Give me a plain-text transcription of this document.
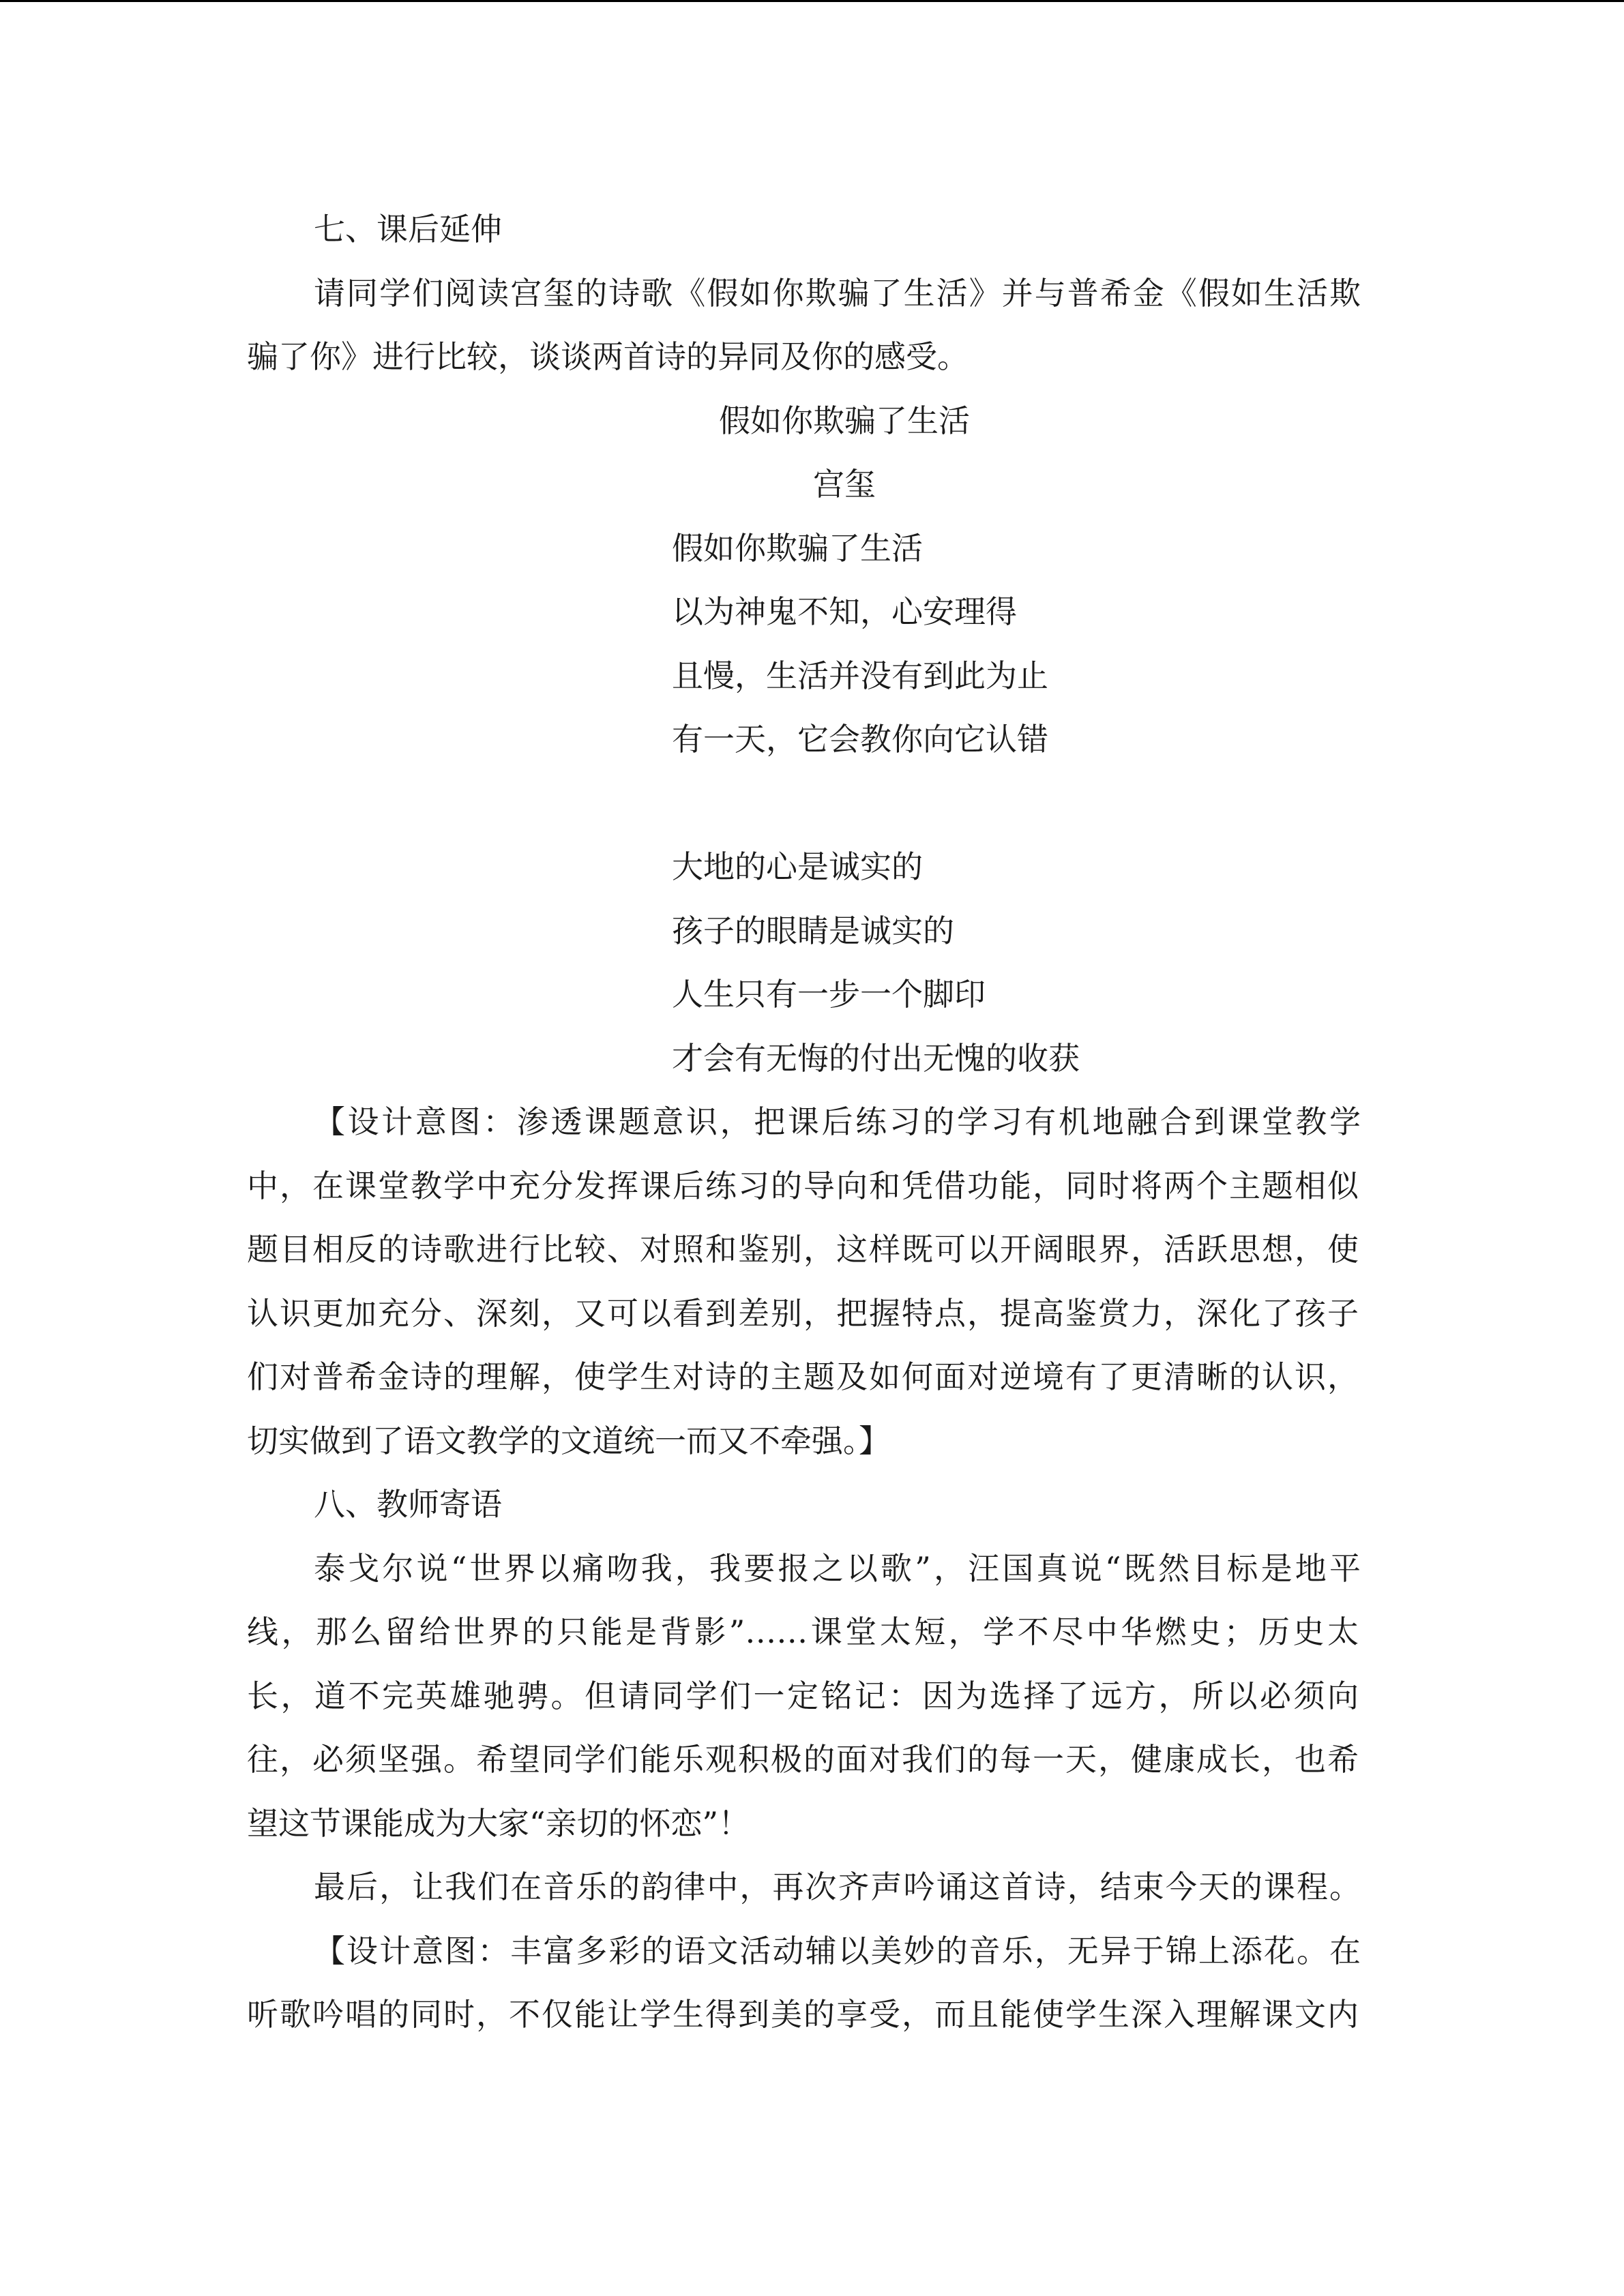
七、课后延伸
请同学们阅读宫玺的诗歌《假如你欺骗了生活》并与普希金《假如生活欺
骗了你》进行比较，谈谈两首诗的异同及你的感受。
假如你欺骗了生活
宫玺
假如你欺骗了生活
以为神鬼不知，心安理得
且慢，生活并没有到此为止
有一天，它会教你向它认错
大地的心是诚实的
孩子的眼睛是诚实的
人生只有一步一个脚印
才会有无悔的付出无愧的收获
【设计意图：渗透课题意识，把课后练习的学习有机地融合到课堂教学
中，在课堂教学中充分发挥课后练习的导向和凭借功能，同时将两个主题相似
题目相反的诗歌进行比较、对照和鉴别，这样既可以开阔眼界，活跃思想，使
认识更加充分、深刻，又可以看到差别，把握特点，提高鉴赏力，深化了孩子
们对普希金诗的理解，使学生对诗的主题及如何面对逆境有了更清晰的认识，
切实做到了语文教学的文道统一而又不牵强。】
八、教师寄语
泰戈尔说“世界以痛吻我，我要报之以歌”，汪国真说“既然目标是地平
线，那么留给世界的只能是背影”……课堂太短，学不尽中华燃史；历史太
长，道不完英雄驰骋。但请同学们一定铭记：因为选择了远方，所以必须向
往，必须坚强。希望同学们能乐观积极的面对我们的每一天，健康成长，也希
望这节课能成为大家“亲切的怀恋”！
最后，让我们在音乐的韵律中，再次齐声吟诵这首诗，结束今天的课程。
【设计意图：丰富多彩的语文活动辅以美妙的音乐，无异于锦上添花。在
听歌吟唱的同时，不仅能让学生得到美的享受，而且能使学生深入理解课文内
